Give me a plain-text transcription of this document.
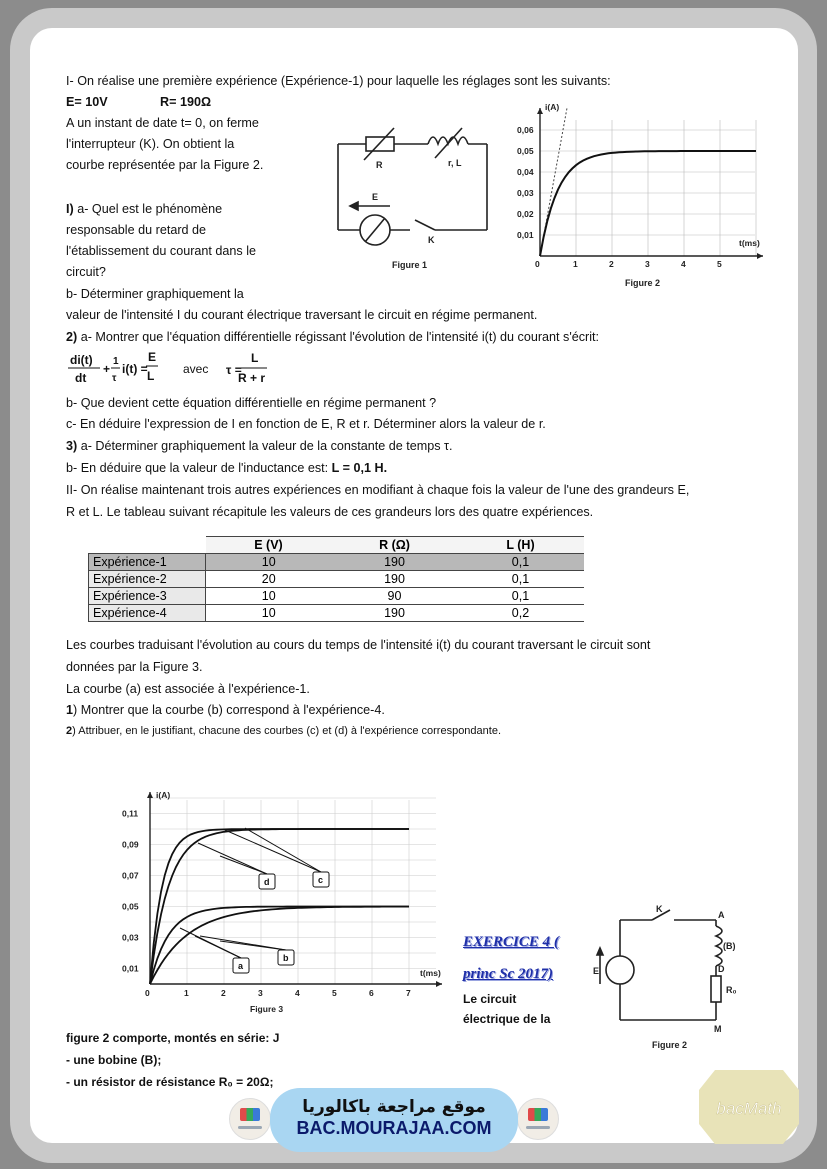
I- On réalise une première expérience (Expérience-1) pour laquelle les réglages sont les suivants:
E= 10V	R= 190Ω
A un instant de date t= 0, on ferme
l'interrupteur (K). On obtient la
courbe représentée par la Figure 2.
I) a- Quel est le phénomène
responsable du retard de
l'établissement du courant dans le
circuit?
b- Déterminer graphiquement la
valeur de l'intensité I du courant électrique traversant le circuit en régime permanent.
2) a- Montrer que l'équation différentielle régissant l'évolution de l'intensité i(t) du courant s'écrit:
di(t)
dt
+
1
τ
i(t) =
E
L avec τ =
L
R + r
b- Que devient cette équation différentielle en régime permanent ?
c- En déduire l'expression de I en fonction de E, R et r. Déterminer alors la valeur de r.
3) a- Déterminer graphiquement la valeur de la constante de temps τ.
b- En déduire que la valeur de l'inductance est: L = 0,1 H.
R	r, L
E
K
Figure 1
0,01
0,02
0,03
0,04
0,05
0,06
1	2	3	4	5
i(A)
t(ms)
0
Figure 2
II- On réalise maintenant trois autres expériences en modifiant à chaque fois la valeur de l'une des grandeurs E,
R et L. Le tableau suivant récapitule les valeurs de ces grandeurs lors des quatre expériences.
	E (V)	R (Ω)	L (H)
Expérience-1	10	190	0,1
Expérience-2	20	190	0,1
Expérience-3	10	90	0,1
Expérience-4	10	190	0,2
Les courbes traduisant l'évolution au cours du temps de l'intensité i(t) du courant traversant le circuit sont
données par la Figure 3.
La courbe (a) est associée à l'expérience-1.
1) Montrer que la courbe (b) correspond à l'expérience-4.
2) Attribuer, en le justifiant, chacune des courbes (c) et (d) à l'expérience correspondante.
a
b
c
d
0,01
0,03
0,05
0,07
0,09
0,11
1	2	3	4	5	6	7
i(A)
t(ms)
0
Figure 3
EXERCICE 4 (
princ Sc 2017)
Le circuit
électrique de la
figure 2 comporte, montés en série: J
- une bobine (B);
- un résistor de résistance R₀ = 20Ω;
K
A
(B)
D
R₀
M
E
Figure 2
موقع مراجعة باكالوريا
BAC.MOURAJAA.COM
bacMath
